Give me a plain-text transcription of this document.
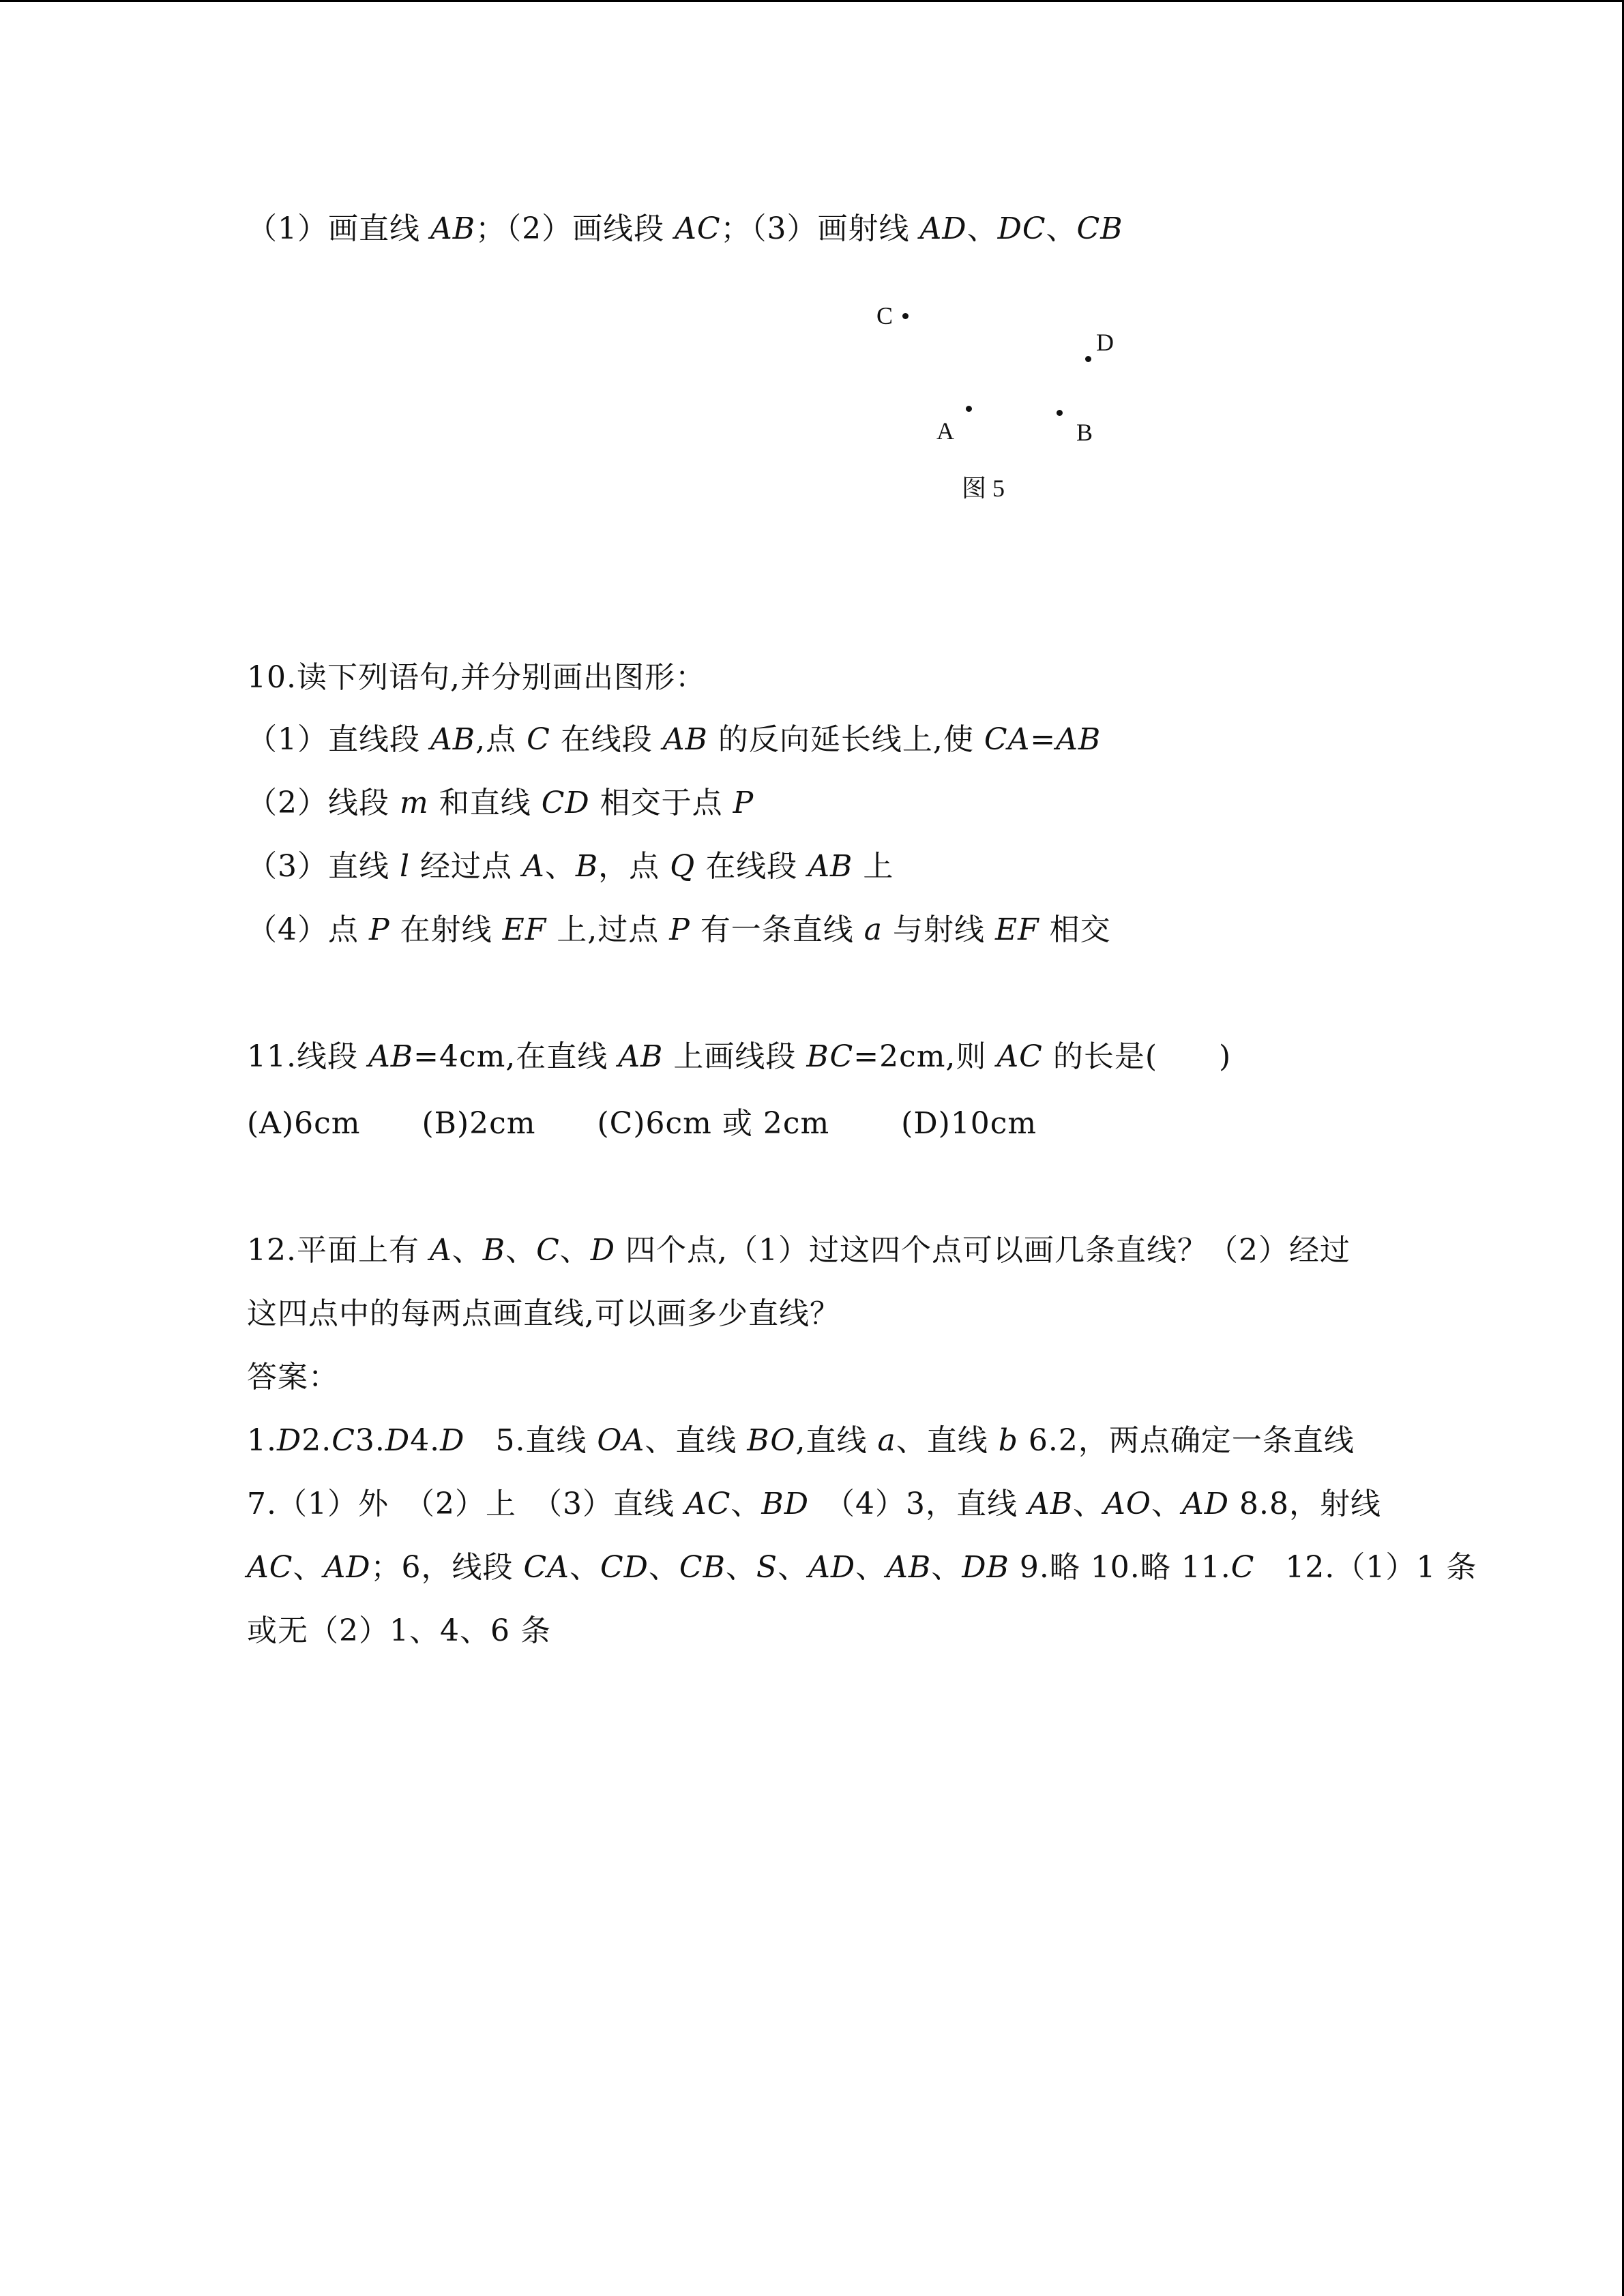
（1）画直线 AB；（2）画线段 AC；（3）画射线 AD、DC、CB
C
D
A	B
图 5
10.读下列语句,并分别画出图形：
（1）直线段 AB,点 C 在线段 AB 的反向延长线上,使 CA=AB
（2）线段 m 和直线 CD 相交于点 P
（3）直线 l 经过点 A、B，点 Q 在线段 AB 上
（4）点 P 在射线 EF 上,过点 P 有一条直线 a 与射线 EF 相交
11.线段 AB=4cm,在直线 AB 上画线段 BC=2cm,则 AC 的长是(　　)
(A)6cm　　(B)2cm　　(C)6cm 或 2cm　　 (D)10cm
12.平面上有 A、B、C、D 四个点,（1）过这四个点可以画几条直线？（2）经过
这四点中的每两点画直线,可以画多少直线？
答案：
1.D2.C3.D4.D　5.直线 OA、直线 BO,直线 a、直线 b 6.2，两点确定一条直线
7.（1）外　（2）上　（3）直线 AC、BD　（4）3，直线 AB、AO、AD 8.8，射线
AC、AD；6，线段 CA、CD、CB、S、AD、AB、DB 9.略 10.略 11.C　12.（1）1 条
或无（2）1、4、6 条
